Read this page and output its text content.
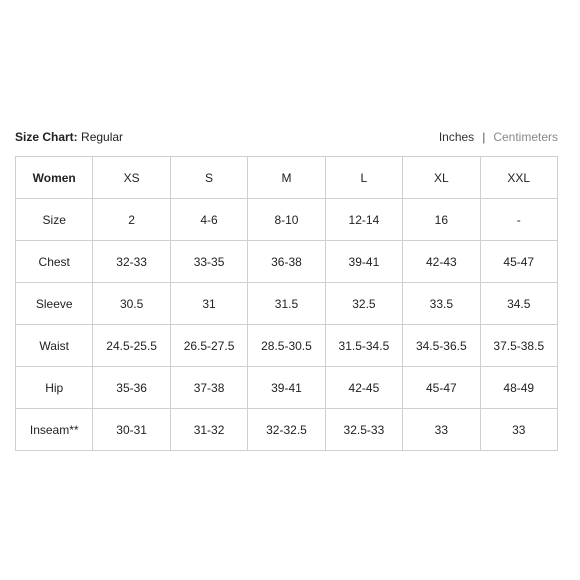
Size Chart: Regular	Inches | Centimeters
Women	XS	S	M	L	XL	XXL
Size	2	4-6	8-10	12-14	16	-
Chest	32-33	33-35	36-38	39-41	42-43	45-47
Sleeve	30.5	31	31.5	32.5	33.5	34.5
Waist	24.5-25.5	26.5-27.5	28.5-30.5	31.5-34.5	34.5-36.5	37.5-38.5
Hip	35-36	37-38	39-41	42-45	45-47	48-49
Inseam**	30-31	31-32	32-32.5	32.5-33	33	33
